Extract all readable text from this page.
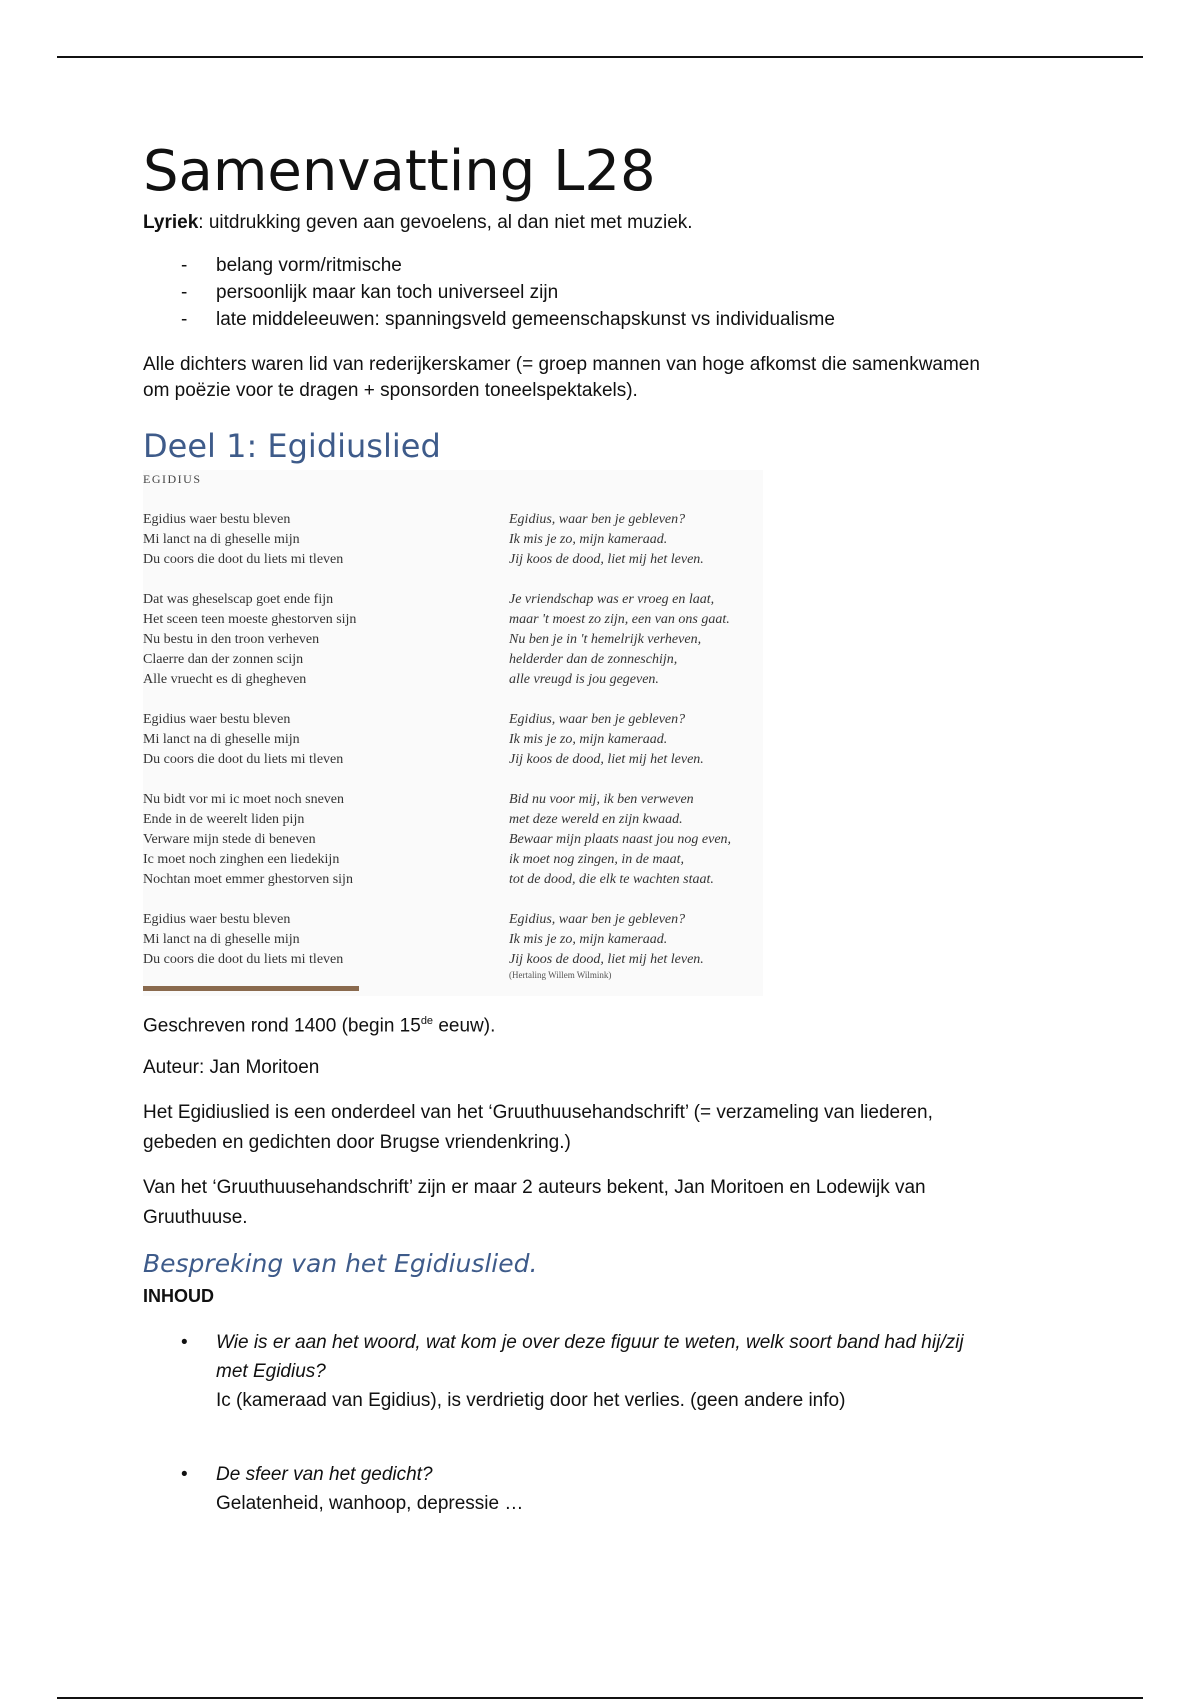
Samenvatting L28
Lyriek: uitdrukking geven aan gevoelens, al dan niet met muziek.
- belang vorm/ritmische
- persoonlijk maar kan toch universeel zijn
- late middeleeuwen: spanningsveld gemeenschapskunst vs individualisme

Alle dichters waren lid van rederijkerskamer (= groep mannen van hoge afkomst die samenkwamen
om poëzie voor te dragen + sponsorden toneelspektakels).

Deel 1: Egidiuslied
EGIDIUS
Egidius waer bestu bleven
Mi lanct na di gheselle mijn
Du coors die doot du liets mi tleven
Dat was gheselscap goet ende fijn
Het sceen teen moeste ghestorven sijn
Nu bestu in den troon verheven
Claerre dan der zonnen scijn
Alle vruecht es di ghegheven
Egidius waer bestu bleven
Mi lanct na di gheselle mijn
Du coors die doot du liets mi tleven
Nu bidt vor mi ic moet noch sneven
Ende in de weerelt liden pijn
Verware mijn stede di beneven
Ic moet noch zinghen een liedekijn
Nochtan moet emmer ghestorven sijn
Egidius waer bestu bleven
Mi lanct na di gheselle mijn
Du coors die doot du liets mi tleven
Egidius, waar ben je gebleven?
Ik mis je zo, mijn kameraad.
Jij koos de dood, liet mij het leven.
Je vriendschap was er vroeg en laat,
maar 't moest zo zijn, een van ons gaat.
Nu ben je in 't hemelrijk verheven,
helderder dan de zonneschijn,
alle vreugd is jou gegeven.
Egidius, waar ben je gebleven?
Ik mis je zo, mijn kameraad.
Jij koos de dood, liet mij het leven.
Bid nu voor mij, ik ben verweven
met deze wereld en zijn kwaad.
Bewaar mijn plaats naast jou nog even,
ik moet nog zingen, in de maat,
tot de dood, die elk te wachten staat.
Egidius, waar ben je gebleven?
Ik mis je zo, mijn kameraad.
Jij koos de dood, liet mij het leven.
(Hertaling Willem Wilmink)

Geschreven rond 1400 (begin 15de eeuw).

Auteur: Jan Moritoen

Het Egidiuslied is een onderdeel van het ‘Gruuthuusehandschrift’ (= verzameling van liederen,
gebeden en gedichten door Brugse vriendenkring.)

Van het ‘Gruuthuusehandschrift’ zijn er maar 2 auteurs bekent, Jan Moritoen en Lodewijk van
Gruuthuuse.

Bespreking van het Egidiuslied.
INHOUD
• Wie is er aan het woord, wat kom je over deze figuur te weten, welk soort band had hij/zij
met Egidius?
Ic (kameraad van Egidius), is verdrietig door het verlies. (geen andere info)
• De sfeer van het gedicht?
Gelatenheid, wanhoop, depressie …
